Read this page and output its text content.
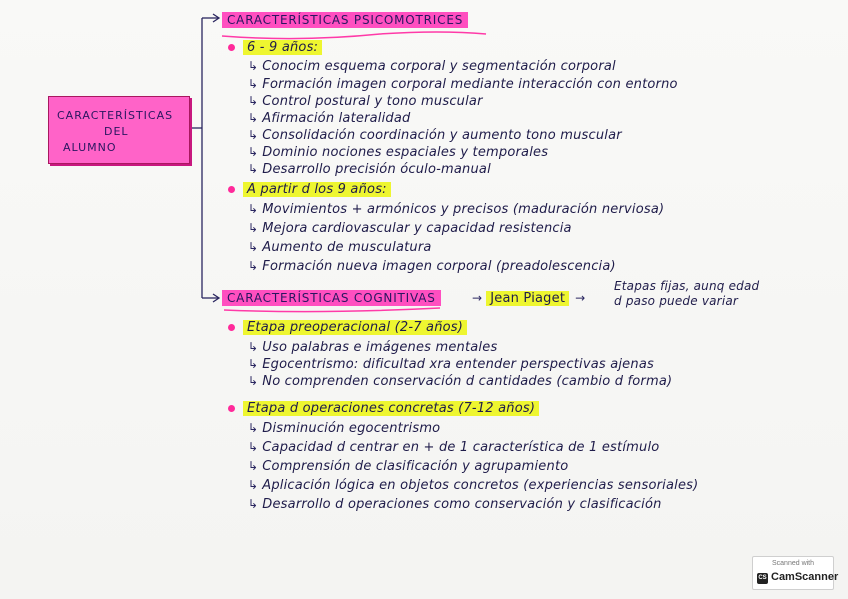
CARACTERÍSTICAS
DEL
ALUMNO
CARACTERÍSTICAS PSICOMOTRICES
6 - 9 años:
↳ Conocim esquema corporal y segmentación corporal
↳ Formación imagen corporal mediante interacción con entorno
↳ Control postural y tono muscular
↳ Afirmación lateralidad
↳ Consolidación coordinación y aumento tono muscular
↳ Dominio nociones espaciales y temporales
↳ Desarrollo precisión óculo-manual
A partir d los 9 años:
↳ Movimientos + armónicos y precisos (maduración nerviosa)
↳ Mejora cardiovascular y capacidad resistencia
↳ Aumento de musculatura
↳ Formación nueva imagen corporal (preadolescencia)
CARACTERÍSTICAS COGNITIVAS	→ Jean Piaget →
Etapas fijas, aunq edad
d paso puede variar
Etapa preoperacional (2-7 años)
↳ Uso palabras e imágenes mentales
↳ Egocentrismo: dificultad xra entender perspectivas ajenas
↳ No comprenden conservación d cantidades (cambio d forma)
Etapa d operaciones concretas (7-12 años)
↳ Disminución egocentrismo
↳ Capacidad d centrar en + de 1 característica de 1 estímulo
↳ Comprensión de clasificación y agrupamiento
↳ Aplicación lógica en objetos concretos (experiencias sensoriales)
↳ Desarrollo d operaciones como conservación y clasificación
Scanned with
CS CamScanner
